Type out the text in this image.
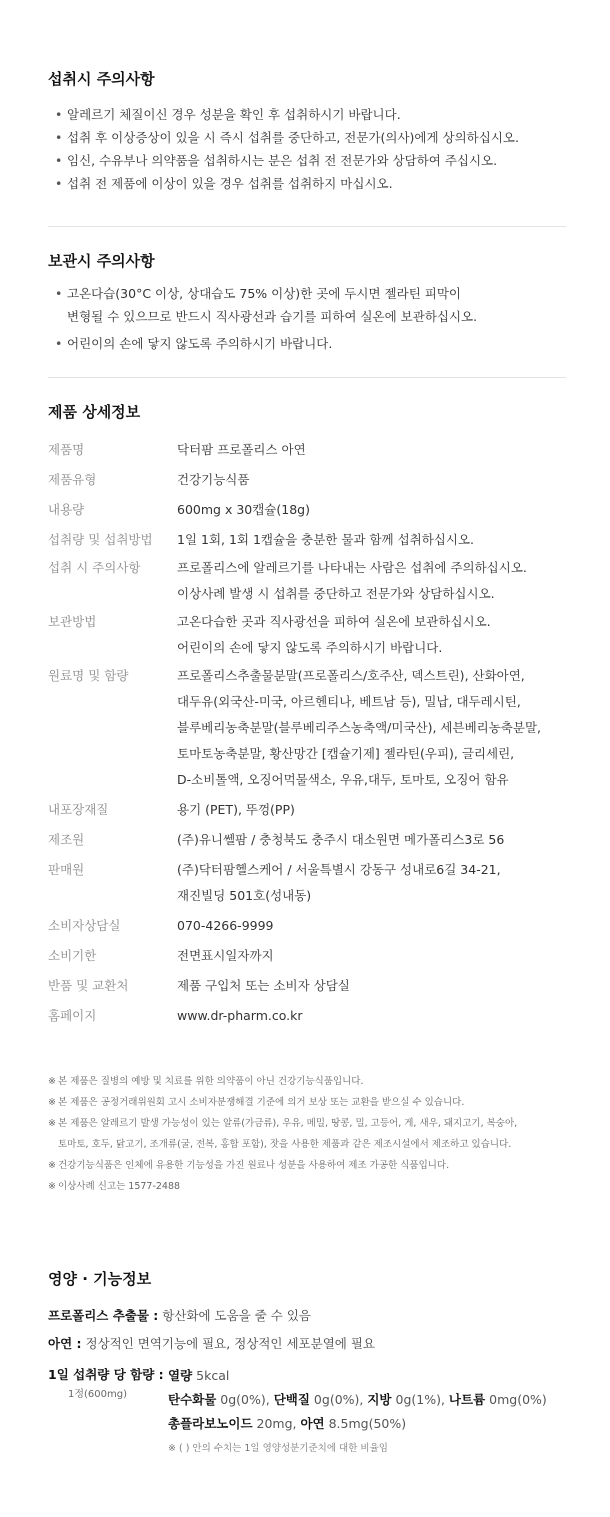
섭취시 주의사항
• 알레르기 체질이신 경우 성분을 확인 후 섭취하시기 바랍니다.
• 섭취 후 이상증상이 있을 시 즉시 섭취를 중단하고, 전문가(의사)에게 상의하십시오.
• 임신, 수유부나 의약품을 섭취하시는 분은 섭취 전 전문가와 상담하여 주십시오.
• 섭취 전 제품에 이상이 있을 경우 섭취를 섭취하지 마십시오.
보관시 주의사항
• 고온다습(30°C 이상, 상대습도 75% 이상)한 곳에 두시면 젤라틴 피막이
변형될 수 있으므로 반드시 직사광선과 습기를 피하여 실온에 보관하십시오.
• 어린이의 손에 닿지 않도록 주의하시기 바랍니다.
제품 상세정보
제품명	닥터팜 프로폴리스 아연
제품유형	건강기능식품
내용량	600mg x 30캡슐(18g)
섭취량 및 섭취방법	1일 1회, 1회 1캡슐을 충분한 물과 함께 섭취하십시오.
섭취 시 주의사항	프로폴리스에 알레르기를 나타내는 사람은 섭취에 주의하십시오.
이상사례 발생 시 섭취를 중단하고 전문가와 상담하십시오.
보관방법	고온다습한 곳과 직사광선을 피하여 실온에 보관하십시오.
어린이의 손에 닿지 않도록 주의하시기 바랍니다.
원료명 및 함량	프로폴리스추출물분말(프로폴리스/호주산, 덱스트린), 산화아연,
대두유(외국산-미국, 아르헨티나, 베트남 등), 밀납, 대두레시틴,
블루베리농축분말(블루베리주스농축액/미국산), 세븐베리농축분말,
토마토농축분말, 황산망간 [캡슐기제] 젤라틴(우피), 글리세린,
D-소비톨액, 오징어먹물색소, 우유,대두, 토마토, 오징어 함유
내포장재질	용기 (PET), 뚜껑(PP)
제조원	(주)유니쎌팜 / 충청북도 충주시 대소원면 메가폴리스3로 56
판매원	(주)닥터팜헬스케어 / 서울특별시 강동구 성내로6길 34-21,
재진빌딩 501호(성내동)
소비자상담실	070-4266-9999
소비기한	전면표시일자까지
반품 및 교환처	제품 구입처 또는 소비자 상담실
홈페이지	www.dr-pharm.co.kr
※ 본 제품은 질병의 예방 및 치료를 위한 의약품이 아닌 건강기능식품입니다.
※ 본 제품은 공정거래위원회 고시 소비자분쟁해결 기준에 의거 보상 또는 교환을 받으실 수 있습니다.
※ 본 제품은 알레르기 발생 가능성이 있는 알류(가금류), 우유, 메밀, 땅콩, 밀, 고등어, 게, 새우, 돼지고기, 복숭아,
토마토, 호두, 닭고기, 조개류(굴, 전복, 홍합 포함), 잣을 사용한 제품과 같은 제조시설에서 제조하고 있습니다.
※ 건강기능식품은 인체에 유용한 기능성을 가진 원료나 성분을 사용하여 제조 가공한 식품입니다.
※ 이상사례 신고는 1577-2488
영양 · 기능정보
프로폴리스 추출물 : 항산화에 도움을 줄 수 있음
아연 : 정상적인 면역기능에 필요, 정상적인 세포분열에 필요
1일 섭취량 당 함량 :
1정(600mg)
열량 5kcal
탄수화물 0g(0%), 단백질 0g(0%), 지방 0g(1%), 나트륨 0mg(0%)
총플라보노이드 20mg, 아연 8.5mg(50%)
※ ( ) 안의 수치는 1일 영양성분기준치에 대한 비율임
